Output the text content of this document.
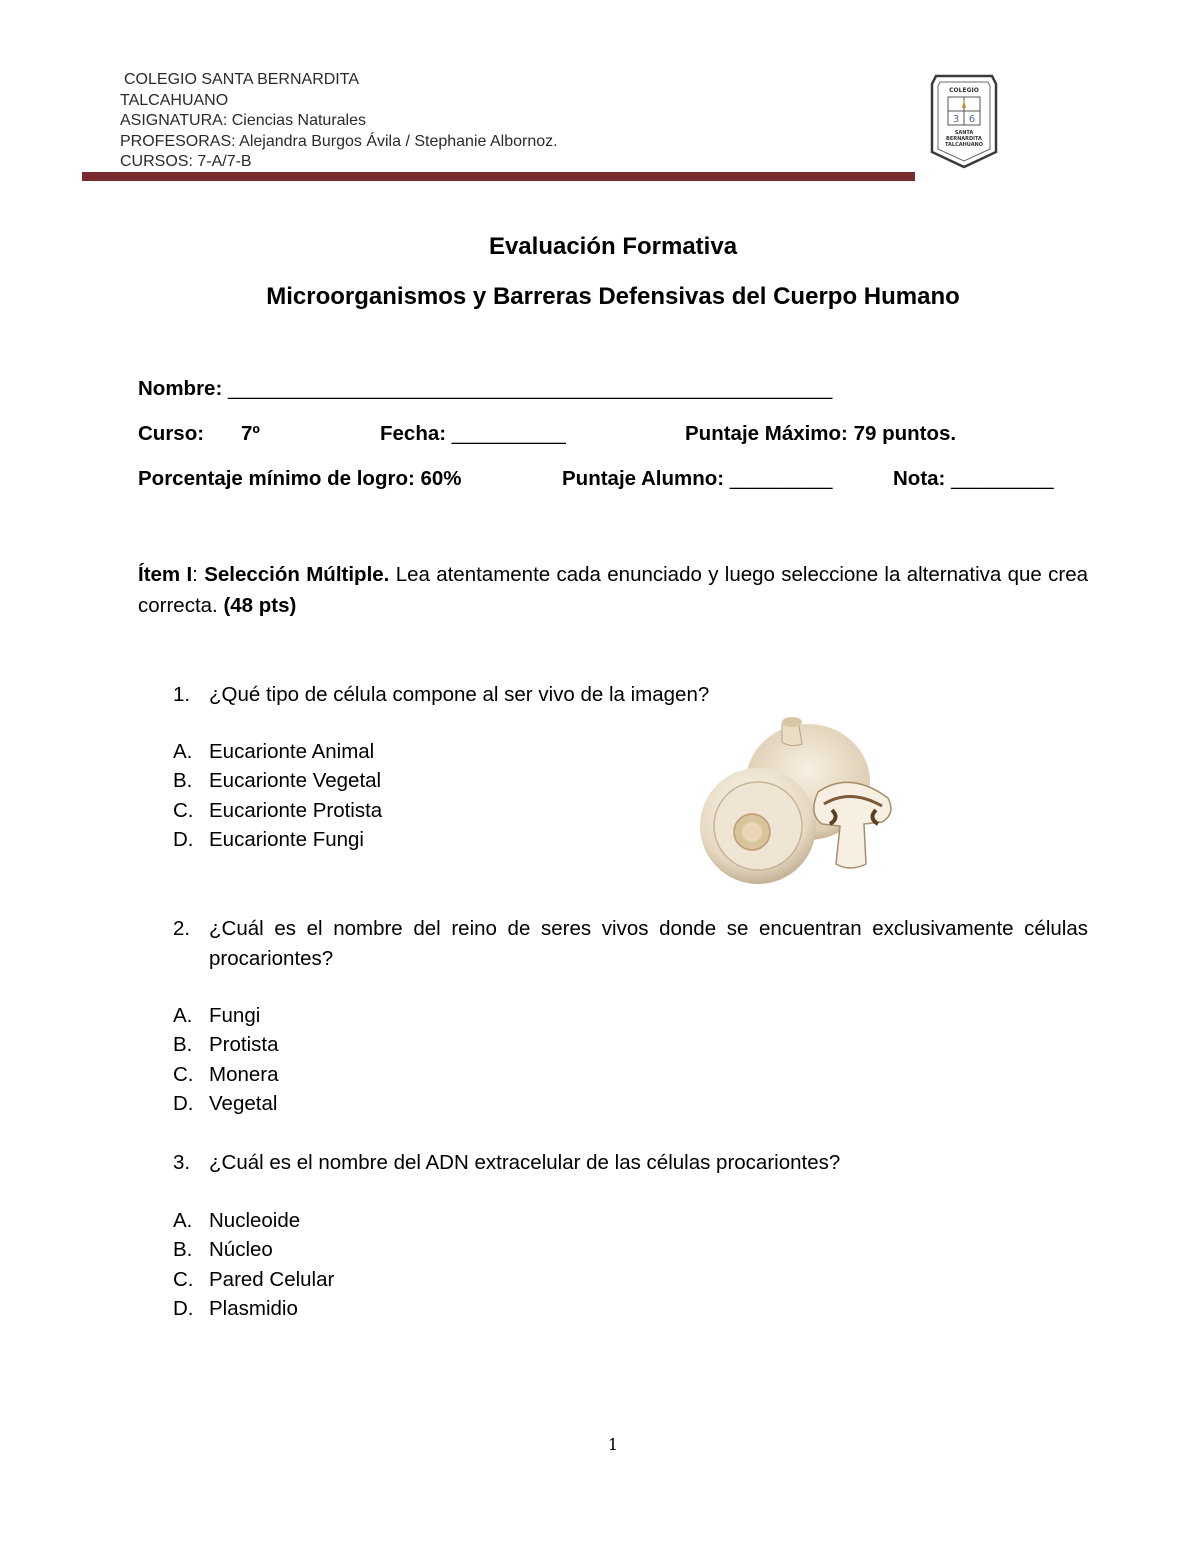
COLEGIO SANTA BERNARDITA
TALCAHUANO
ASIGNATURA: Ciencias Naturales
PROFESORAS: Alejandra Burgos Ávila / Stephanie Albornoz.
CURSOS: 7-A/7-B
COLEGIO
3 6
SANTA BERNARDITA TALCAHUANO
Evaluación Formativa
Microorganismos y Barreras Defensivas del Cuerpo Humano
Nombre: _____________________________________________________
Curso: 7º	Fecha: __________	Puntaje Máximo: 79 puntos.
Porcentaje mínimo de logro: 60%	Puntaje Alumno: _________	Nota: _________
Ítem I: Selección Múltiple. Lea atentamente cada enunciado y luego seleccione la alternativa que crea correcta. (48 pts)
1. ¿Qué tipo de célula compone al ser vivo de la imagen?
A. Eucarionte Animal
B. Eucarionte Vegetal
C. Eucarionte Protista
D. Eucarionte Fungi
2. ¿Cuál es el nombre del reino de seres vivos donde se encuentran exclusivamente células procariontes?
A. Fungi
B. Protista
C. Monera
D. Vegetal
3. ¿Cuál es el nombre del ADN extracelular de las células procariontes?
A. Nucleoide
B. Núcleo
C. Pared Celular
D. Plasmidio
1
